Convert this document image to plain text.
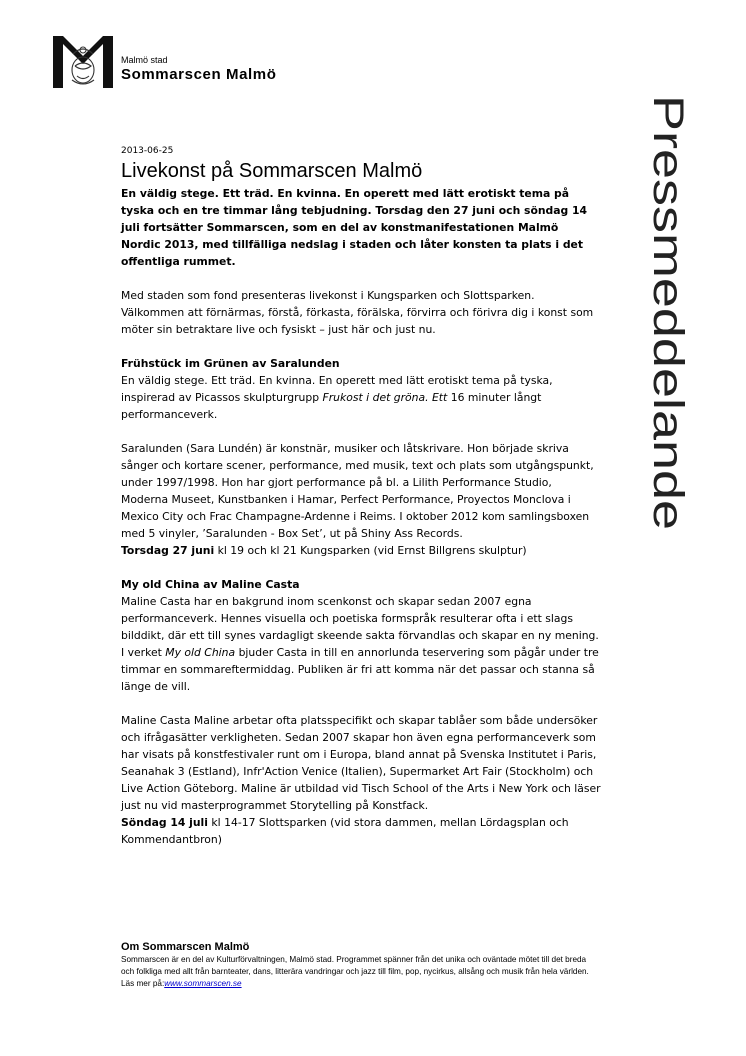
Malmö stad
Sommarscen Malmö
Pressmeddelande

2013-06-25

Livekonst på Sommarscen Malmö

En väldig stege. Ett träd. En kvinna. En operett med lätt erotiskt tema på tyska och en tre timmar lång tebjudning. Torsdag den 27 juni och söndag 14 juli fortsätter Sommarscen, som en del av konstmanifestationen Malmö Nordic 2013, med tillfälliga nedslag i staden och låter konsten ta plats i det offentliga rummet.

Med staden som fond presenteras livekonst i Kungsparken och Slottsparken. Välkommen att förnärmas, förstå, förkasta, förälska, förvirra och förivra dig i konst som möter sin betraktare live och fysiskt – just här och just nu.

Frühstück im Grünen av Saralunden

En väldig stege. Ett träd. En kvinna. En operett med lätt erotiskt tema på tyska, inspirerad av Picassos skulpturgrupp Frukost i det gröna. Ett 16 minuter långt performanceverk.

Saralunden (Sara Lundén) är konstnär, musiker och låtskrivare. Hon började skriva sånger och kortare scener, performance, med musik, text och plats som utgångspunkt, under 1997/1998. Hon har gjort performance på bl. a Lilith Performance Studio, Moderna Museet, Kunstbanken i Hamar, Perfect Performance, Proyectos Monclova i Mexico City och Frac Champagne-Ardenne i Reims. I oktober 2012 kom samlingsboxen med 5 vinyler, ’Saralunden - Box Set’, ut på Shiny Ass Records.

Torsdag 27 juni kl 19 och kl 21 Kungsparken (vid Ernst Billgrens skulptur)

My old China av Maline Casta

Maline Casta har en bakgrund inom scenkonst och skapar sedan 2007 egna performanceverk. Hennes visuella och poetiska formspråk resulterar ofta i ett slags bilddikt, där ett till synes vardagligt skeende sakta förvandlas och skapar en ny mening. I verket My old China bjuder Casta in till en annorlunda teservering som pågår under tre timmar en sommareftermiddag. Publiken är fri att komma när det passar och stanna så länge de vill.

Maline Casta Maline arbetar ofta platsspecifikt och skapar tablåer som både undersöker och ifrågasätter verkligheten. Sedan 2007 skapar hon även egna performanceverk som har visats på konstfestivaler runt om i Europa, bland annat på Svenska Institutet i Paris, Seanahak 3 (Estland), Infr'Action Venice (Italien), Supermarket Art Fair (Stockholm) och Live Action Göteborg. Maline är utbildad vid Tisch School of the Arts i New York och läser just nu vid masterprogrammet Storytelling på Konstfack.

Söndag 14 juli kl 14-17 Slottsparken (vid stora dammen, mellan Lördagsplan och Kommendantbron)

Om Sommarscen Malmö
Sommarscen är en del av Kulturförvaltningen, Malmö stad. Programmet spänner från det unika och oväntade mötet till det breda och folkliga med allt från barnteater, dans, litterära vandringar och jazz till film, pop, nycirkus, allsång och musik från hela världen.
Läs mer på:www.sommarscen.se
